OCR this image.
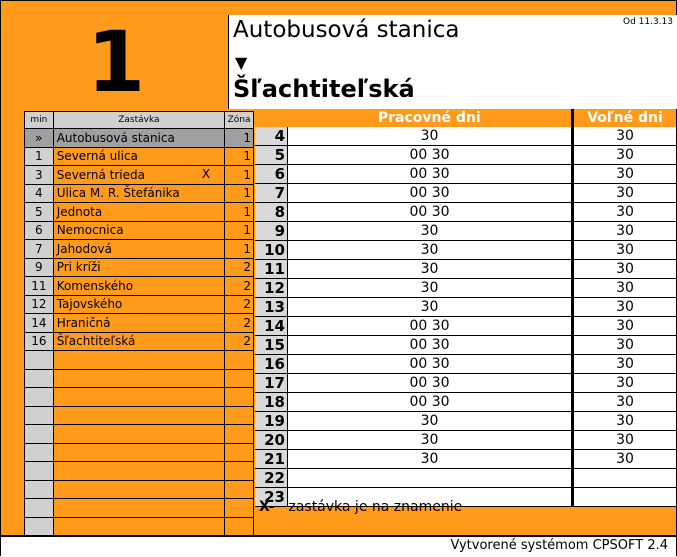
1	Autobusová stanica	Od 11.3.13
▼
Šľachtiteľská
min	Zastávka	Zóna
»	Autobusová stanica	1
1	Severná ulica	1
3	Severná trieda X	1
4	Ulica M. R. Štefánika	1
5	Jednota	1
6	Nemocnica	1
7	Jahodová	1
9	Pri kríži	2
11	Komenského	2
12	Tajovského	2
14	Hraničná	2
16	Šľachtiteľská	2

	Pracovné dni	Voľné dni
4	30	30
5	00 30	30
6	00 30	30
7	00 30	30
8	00 30	30
9	30	30
10	30	30
11	30	30
12	30	30
13	30	30
14	00 30	30
15	00 30	30
16	00 30	30
17	00 30	30
18	00 30	30
19	30	30
20	30	30
21	30	30
22		
23		
X- zastávka je na znamenie
Vytvorené systémom CPSOFT 2.4
